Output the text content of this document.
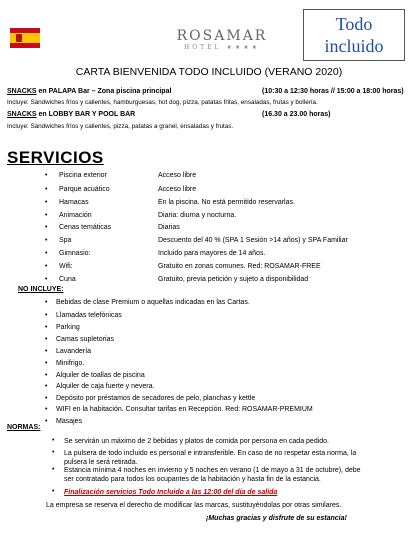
ROSAMAR
HOTEL ★★★★
Todo
incluido
CARTA BIENVENIDA TODO INCLUIDO (VERANO 2020)
SNACKS en PALAPA Bar – Zona piscina principal	(10:30 a 12:30 horas // 15:00 a 18:00 horas)
Incluye: Sándwiches fríos y calientes, hamburguesas, hot dog, pizza, patatas fritas, ensaladas, frutas y bollería.
SNACKS en LOBBY BAR Y POOL BAR	(16.30 a 23.00 horas)
Incluye: Sándwiches fríos y calientes, pizza, patatas a granel, ensaladas y frutas.
SERVICIOS
• Piscina exterior	Acceso libre
• Parque acuático	Acceso libre
• Hamacas	En la piscina. No está permitido reservarlas.
• Animación	Diaria: diurna y nocturna.
• Cenas temáticas	Diarias
• Spa	Descuento del 40 % (SPA 1 Sesión >14 años) y SPA Familiar
• Gimnasio:	Incluido para mayores de 14 años.
• Wifi:	Gratuito en zonas comunes. Red: ROSAMAR-FREE
• Cuna	Gratuito, previa petición y sujeto a disponibilidad
NO INCLUYE:
• Bebidas de clase Premium o aquellas indicadas en las Cartas.
• Llamadas telefónicas
• Parking
• Camas supletorias
• Lavandería
• Minifrigo.
• Alquiler de toallas de piscina
• Alquiler de caja fuerte y nevera.
• Depósito por préstamos de secadores de pelo, planchas y kettle
• WIFI en la habitación. Consultar tarifas en Recepción. Red: ROSAMAR-PREMIUM
• Masajes
NORMAS:
• Se servirán un máximo de 2 bebidas y platos de comida por persona en cada pedido.
• La pulsera de todo incluido es personal e intransferible. En caso de no respetar esta norma, la
pulsera le será retirada.
• Estancia mínima 4 noches en invierno y 5 noches en verano (1 de mayo a 31 de octubre), debe
ser contratado para todos los ocupantes de la habitación y hasta fin de la estancia.
• Finalización servicios Todo Incluido a las 12:00 del día de salida
La empresa se reserva el derecho de modificar las marcas, sustituyéndolas por otras similares.
¡Muchas gracias y disfrute de su estancia!
